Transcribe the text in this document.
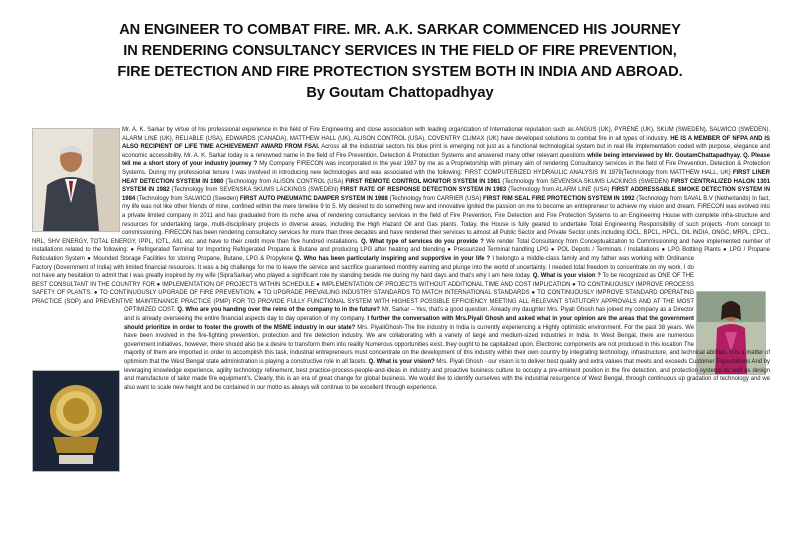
AN ENGINEER TO COMBAT FIRE. MR. A.K. SARKAR COMMENCED HIS JOURNEY
IN RENDERING CONSULTANCY SERVICES IN THE FIELD OF FIRE PREVENTION,
FIRE DETECTION AND FIRE PROTECTION SYSTEM BOTH IN INDIA AND ABROAD.
By Goutam Chattopadhyay
Mr. A. K. Sarkar by virtue of his professional experience in the field of Fire Engineering and close association with leading organization of International reputation such as ANGUS (UK), PYRENE (UK), SKUM (SWEDEN), SALWICO (SWEDEN), ALARM LINE (UK), RELIABLE (USA), EDWARDS (CANADA), MATTHEW HALL (UK), ALISON CONTROL (USA), COVENTRY CLIMAX (UK) have developed solutions to combat fire in all types of industry. HE IS A MEMBER OF NFPA AND IS ALSO RECIPIENT OF LIFE TIME ACHIEVEMENT AWARD FROM FSAI. Across all the industrial sectors his blue print is emerging not just as a functional technological system but in real life implementation coded with purpose, elegance and economic accessibility. Mr. A. K. Sarkar today is a renowned name in the field of Fire Prevention, Detection & Protection Systems and answered many other relevant questions while being interviewed by Mr. GoutamChattapadhyay. Q. Please tell me a short story of your industry journey ? My Company FIRECON was incorporated in the year 1987 by me as a Proprietorship with primary aim of rendering Consultancy services in the field of Fire Prevention, Detection & Protection Systems. During my professional tenure I was involved in introducing new technologies and was associated with the following: FIRST COMPUTERIZED HYDRAULIC ANALYSIS IN 1979(Technology from MATTHEW HALL, UK) FIRST LINER HEAT DETECTION SYSTEM IN 1980 (Technology from ALISON CONTROL (USA) FIRST REMOTE CONTROL MONITOR SYSTEM IN 1981 (Technology from SEVENSKA SKUMS LACKINGS (SWEDEN) FIRST CENTRALIZED HALON 1301 SYSTEM IN 1982 (Technology from SEVENSKA SKUMS LACKINGS (SWEDEN) FIRST RATE OF RESPONSE DETECTION SYSTEM IN 1983 (Technology from ALARM LINE (USA) FIRST ADDRESSABLE SMOKE DETECTION SYSTEM IN 1984 (Technology from SALWICO (Sweden) FIRST AUTO PNEUMATIC DAMPER SYSTEM IN 1988 (Technology from CARRIER (USA) FIRST RIM SEAL FIRE PROTECTION SYSTEM IN 1992 (Technology from SAVAL B.V (Netherlands) In fact, my life was not like other friends of mine, confined within the mere timeline 9 to 5. My desired to do something new and innovative ignited the passion on me to become an entrepreneur to achieve my vision and dream. FIRECON was evolved into a private limited company in 2011 and has graduated from its niche area of rendering consultancy services in the field of Fire Prevention, Fire Detection and Fire Protection Systems to an Engineering House with complete infra-structure and resources for undertaking large, multi-disciplinary projects in diverse areas, including the High Hazard Oil and Gas plants. Today, the House is fully geared to undertake Total Engineering Responsibility of such projects -from concept to commissioning. FIRECON has been rendering consultancy services for more than three decades and have rendered their services to almost all Public Sector and Private Sector units including IOCL, BPCL, HPCL, OIL INDIA, ONGC, MRPL, CPCL, NRL, SHV ENERGY, TOTAL ENERGY, IPPL, IOTL, AIIL etc. and have to their credit more than five hundred installations. Q. What type of services do you provide ? We render Total Consultancy from Conceptualization to Commissioning and have implemented number of installations related to the following: ● Refrigerated Terminal for Importing Refrigerated Propane & Butane and producing LPG after heating and blending ● Pressurized Terminal handling LPG ● POL Depots / Terminals / Installations ● LPG Bottling Plants ● LPG / Propane Reticulation System ● Mounded Storage Facilities for storing Propane, Butane, LPG & Propylene
Q. Who has been particularly inspiring and supportive in your life ? I belongto a middle-class family and my father was working with Ordinance Factory (Government of India) with limited financial resources. It was a big challenge for me to leave the service and sacrifice guaranteed monthly earning and plunge into the world of uncertainty. I needed total freedom to concentrate on my work. I do not have any hesitation to admit that I was greatly inspired by my wife (SipraSarkar) who played a significant role by standing beside me during my hard days and that's why I am here today. Q. What is your vision ? To be recognized as ONE OF THE BEST CONSULTANT IN THE COUNTRY FOR ● IMPLEMENTATION OF PROJECTS WITHIN SCHEDULE ● IMPLEMENTATION OF PROJECTS WITHOUT ADDITIONAL TIME AND COST IMPLICATION ● TO CONTINUOUSLY IMPROVE PROCESS SAFETY OF PLANTS. ● TO CONTINUOUSLY UPGRADE OF FIRE PREVENTION. ● TO UPGRADE PREVAILING INDUSTRY STANDARDS TO MATCH INTERNATIONAL STANDARDS ● TO CONTINUOUSLY IMPROVE STANDARD OPERATING PRACTICE (SOP) and PREVENTIVE MAINTENANCE PRACTICE (PMP) FOR TO PROVIDE FULLY FUNCTIONAL SYSTEM WITH HIGHEST POSSIBLE EFFICIENCY MEETING ALL RELEVANT STATUTORY APPROVALS AND AT THE MOST OPTIMIZED COST. Q. Who are you handing over the reins of the company to in the future?
Mr. Sarkar – Yes, that's a good question. Already my daughter Mrs. Piyali Ghosh has joined my company as a Director and is already overseeing the entire financial aspects day to day operation of my company. I further the conversation with Mrs.Piyali Ghosh and asked what in your opinion are the areas that the government should prioritize in order to foster the growth of the MSME industry in our state? Mrs. PiyaliGhosh-The fire industry in India is currently experiencing a Highly optimistic environment. For the past 38 years. We have been involved in the fire-fighting prevention, protection and fire detection industry. We are collaborating with a variety of large and medium-sized industries in India. In West Bengal, there are numerous government initiatives, however, there should also be a desire to transform them into reality Numerous opportunities exist, they ought to be capitalized upon. Electronic components are not produced in this location The majority of them are imported in order to accomplish this task, industrial entrepreneurs must concentrate on the development of this industry within their own country by integrating technology, infrastructure, and technical abilities. It is a matter of optimism that the West Bengal state administration is playing a constructive role in all facets. Q. What is your vision? Mrs. Piyali Ghosh - our vision is to deliver best quality and extra values that meets and exceeds Customer Expectations And by leveraging knowledge experience, agility technology refinement, best practice-process-people-and-ideas in industry and proactive business culture to occupy a pre-eminent position in the fire detection, and protection systems as well as design and manufacture of tailor made fire equipment's. Clearly, this is an era of great change for global business. We would like to identify ourselves with the industrial resurgence of West Bengal, through continuous up gradation of technology and we also want to scale new height and be contained in our motto as always will continue to be excellent through experience.
